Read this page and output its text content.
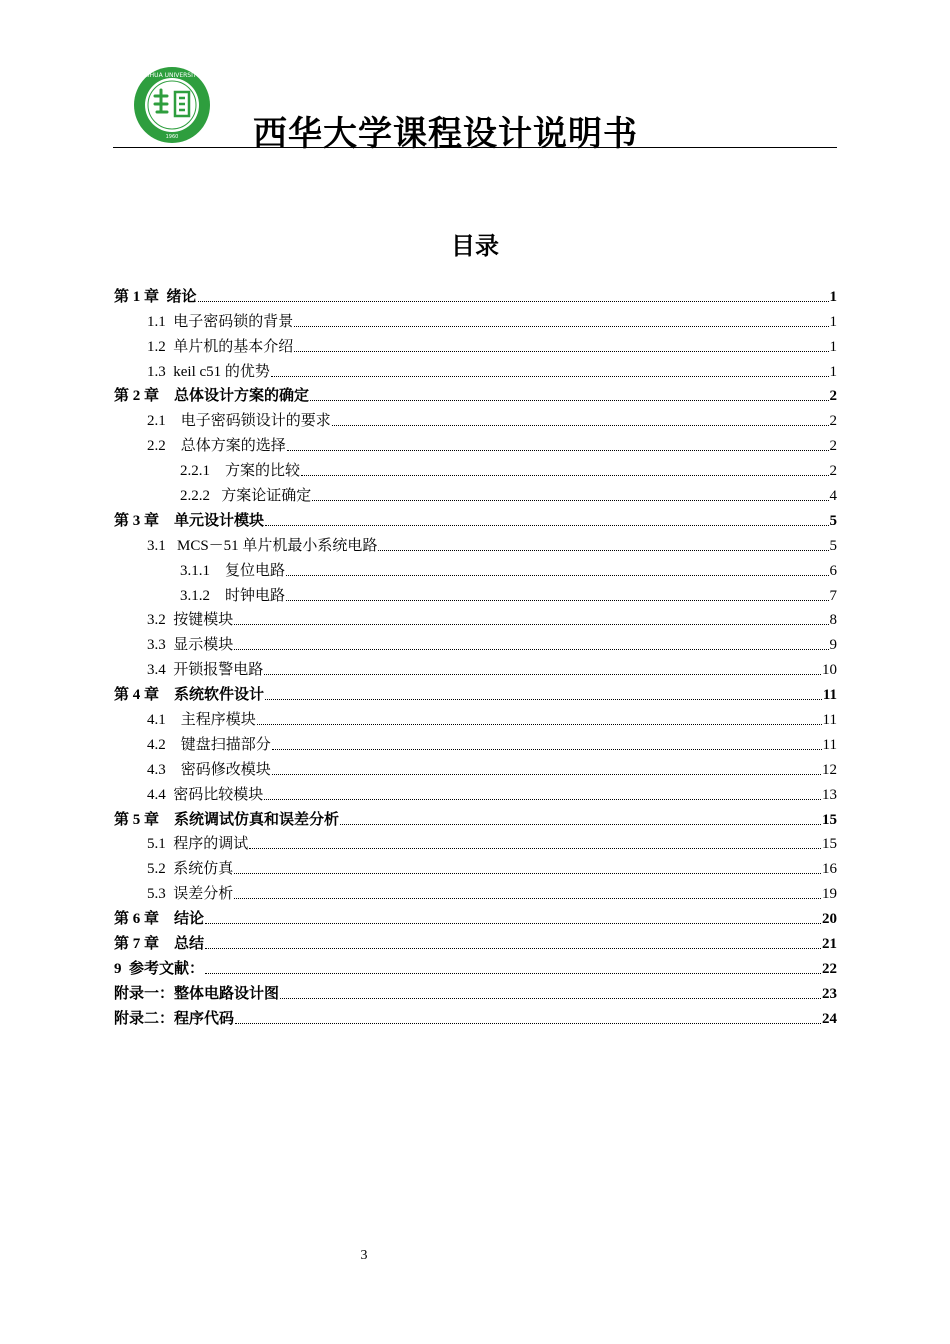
XIHUA UNIVERSITY
1960 西华大学课程设计说明书
目录
第 1 章  绪论	1
1.1  电子密码锁的背景	1
1.2  单片机的基本介绍	1
1.3  keil c51 的优势	1
第 2 章    总体设计方案的确定	2
2.1    电子密码锁设计的要求	2
2.2    总体方案的选择	2
2.2.1    方案的比较	2
2.2.2   方案论证确定	4
第 3 章    单元设计模块	5
3.1   MCS－51 单片机最小系统电路	5
3.1.1    复位电路	6
3.1.2    时钟电路	7
3.2  按键模块	8
3.3  显示模块	9
3.4  开锁报警电路	10
第 4 章    系统软件设计	11
4.1    主程序模块	11
4.2    键盘扫描部分	11
4.3    密码修改模块	12
4.4  密码比较模块	13
第 5 章    系统调试仿真和误差分析	15
5.1  程序的调试	15
5.2  系统仿真	16
5.3  误差分析	19
第 6 章    结论	20
第 7 章    总结	21
9  参考文献：	22
附录一：整体电路设计图	23
附录二：程序代码	24
3
